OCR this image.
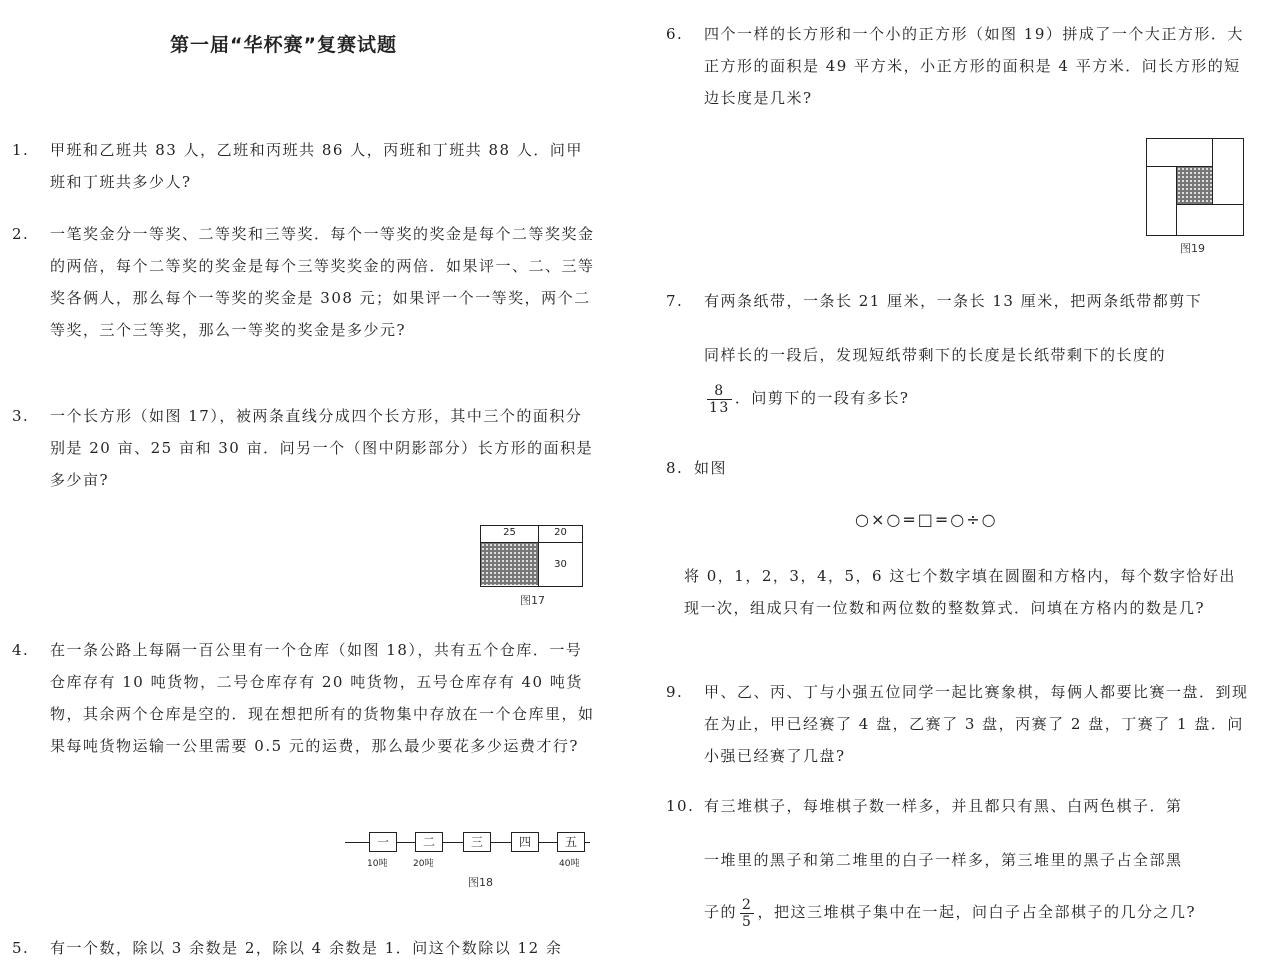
第一届“华杯赛”复赛试题
1. 甲班和乙班共 83 人，乙班和丙班共 86 人，丙班和丁班共 88 人．问甲班和丁班共多少人?
2. 一笔奖金分一等奖、二等奖和三等奖．每个一等奖的奖金是每个二等奖奖金的两倍，每个二等奖的奖金是每个三等奖奖金的两倍．如果评一、二、三等奖各俩人，那么每个一等奖的奖金是 308 元；如果评一个一等奖，两个二等奖，三个三等奖，那么一等奖的奖金是多少元?
3. 一个长方形（如图 17），被两条直线分成四个长方形，其中三个的面积分别是 20 亩、25 亩和 30 亩．问另一个（图中阴影部分）长方形的面积是多少亩?
25	20
30
图17
4. 在一条公路上每隔一百公里有一个仓库（如图 18），共有五个仓库．一号仓库存有 10 吨货物，二号仓库存有 20 吨货物，五号仓库存有 40 吨货物，其余两个仓库是空的．现在想把所有的货物集中存放在一个仓库里，如果每吨货物运输一公里需要 0.5 元的运费，那么最少要花多少运费才行?
一	二	三	四	五
10吨	20吨	40吨
图18
5. 有一个数，除以 3 余数是 2，除以 4 余数是 1．问这个数除以 12 余
6. 四个一样的长方形和一个小的正方形（如图 19）拼成了一个大正方形．大正方形的面积是 49 平方米，小正方形的面积是 4 平方米．问长方形的短边长度是几米?
图19
7. 有两条纸带，一条长 21 厘米，一条长 13 厘米，把两条纸带都剪下
同样长的一段后，发现短纸带剩下的长度是长纸带剩下的长度的
$\frac{8}{13}$ ．问剪下的一段有多长?
8. 如图
○×○=□=○÷○
将 0，1，2，3，4，5，6 这七个数字填在圆圈和方格内，每个数字恰好出现一次，组成只有一位数和两位数的整数算式．问填在方格内的数是几?
9. 甲、乙、丙、丁与小强五位同学一起比赛象棋，每俩人都要比赛一盘．到现在为止，甲已经赛了 4 盘，乙赛了 3 盘，丙赛了 2 盘，丁赛了 1 盘．问小强已经赛了几盘?
10. 有三堆棋子，每堆棋子数一样多，并且都只有黑、白两色棋子．第
一堆里的黑子和第二堆里的白子一样多，第三堆里的黑子占全部黑
子的 $\frac{2}{5}$ ，把这三堆棋子集中在一起，问白子占全部棋子的几分之几?
